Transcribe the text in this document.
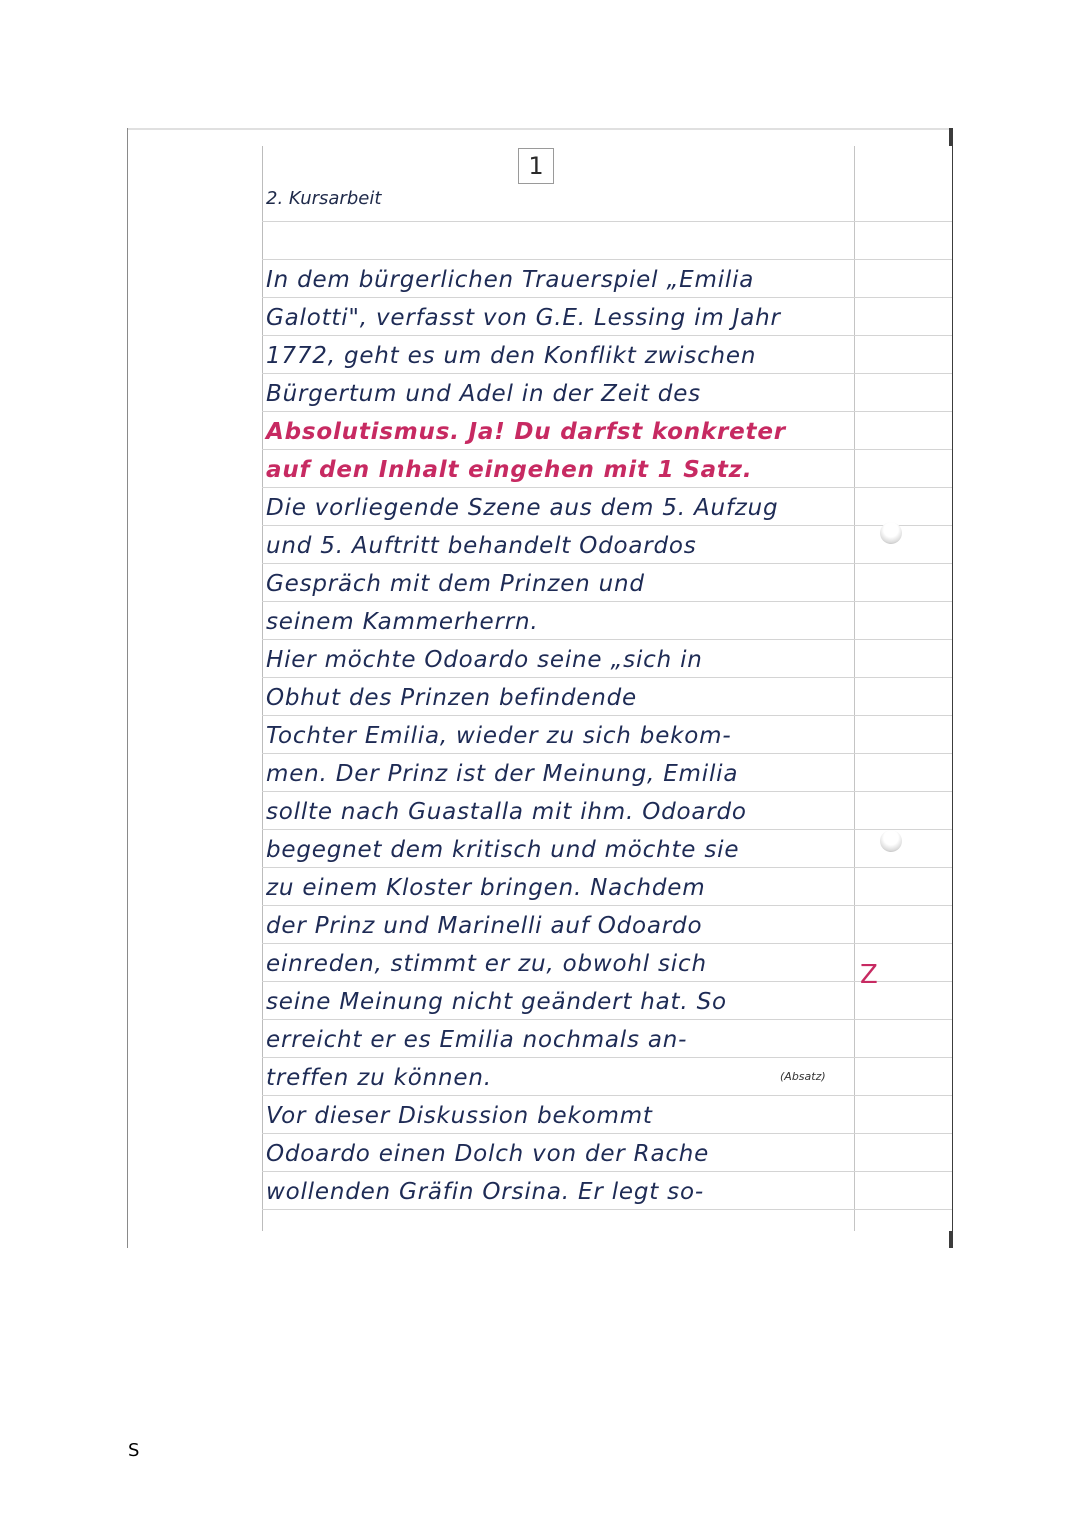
1
2. Kursarbeit
In dem bürgerlichen Trauerspiel „Emilia
Galotti", verfasst von G.E. Lessing im Jahr
1772, geht es um den Konflikt zwischen
Bürgertum und Adel in der Zeit des
Absolutismus. Ja! Du darfst konkreter
auf den Inhalt eingehen mit 1 Satz.
Die vorliegende Szene aus dem 5. Aufzug
und 5. Auftritt behandelt Odoardos
Gespräch mit dem Prinzen und
seinem Kammerherrn.
Hier möchte Odoardo seine „sich in
Obhut des Prinzen befindende
Tochter Emilia, wieder zu sich bekom-
men. Der Prinz ist der Meinung, Emilia
sollte nach Guastalla mit ihm. Odoardo
begegnet dem kritisch und möchte sie
zu einem Kloster bringen. Nachdem
der Prinz und Marinelli auf Odoardo
einreden, stimmt er zu, obwohl sich
seine Meinung nicht geändert hat. So
erreicht er es Emilia nochmals an-
treffen zu können.
Vor dieser Diskussion bekommt
Odoardo einen Dolch von der Rache
wollenden Gräfin Orsina. Er legt so-
(Absatz)
Z
S
